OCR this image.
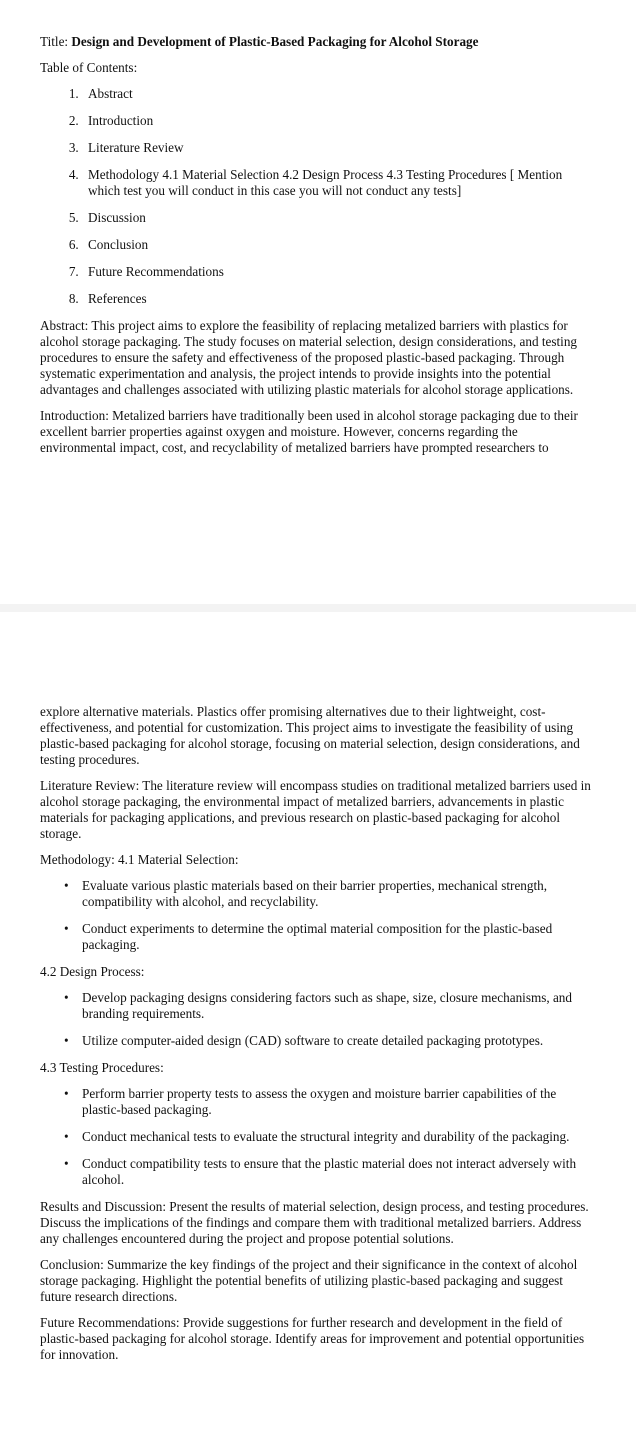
Title: Design and Development of Plastic-Based Packaging for Alcohol Storage

Table of Contents:

1. Abstract
2. Introduction
3. Literature Review
4. Methodology 4.1 Material Selection 4.2 Design Process 4.3 Testing Procedures [ Mention which test you will conduct in this case you will not conduct any tests]
5. Discussion
6. Conclusion
7. Future Recommendations
8. References

Abstract: This project aims to explore the feasibility of replacing metalized barriers with plastics for alcohol storage packaging. The study focuses on material selection, design considerations, and testing procedures to ensure the safety and effectiveness of the proposed plastic-based packaging. Through systematic experimentation and analysis, the project intends to provide insights into the potential advantages and challenges associated with utilizing plastic materials for alcohol storage applications.

Introduction: Metalized barriers have traditionally been used in alcohol storage packaging due to their excellent barrier properties against oxygen and moisture. However, concerns regarding the environmental impact, cost, and recyclability of metalized barriers have prompted researchers to

explore alternative materials. Plastics offer promising alternatives due to their lightweight, cost-effectiveness, and potential for customization. This project aims to investigate the feasibility of using plastic-based packaging for alcohol storage, focusing on material selection, design considerations, and testing procedures.

Literature Review: The literature review will encompass studies on traditional metalized barriers used in alcohol storage packaging, the environmental impact of metalized barriers, advancements in plastic materials for packaging applications, and previous research on plastic-based packaging for alcohol storage.

Methodology: 4.1 Material Selection:

• Evaluate various plastic materials based on their barrier properties, mechanical strength, compatibility with alcohol, and recyclability.
• Conduct experiments to determine the optimal material composition for the plastic-based packaging.

4.2 Design Process:

• Develop packaging designs considering factors such as shape, size, closure mechanisms, and branding requirements.
• Utilize computer-aided design (CAD) software to create detailed packaging prototypes.

4.3 Testing Procedures:

• Perform barrier property tests to assess the oxygen and moisture barrier capabilities of the plastic-based packaging.
• Conduct mechanical tests to evaluate the structural integrity and durability of the packaging.
• Conduct compatibility tests to ensure that the plastic material does not interact adversely with alcohol.

Results and Discussion: Present the results of material selection, design process, and testing procedures. Discuss the implications of the findings and compare them with traditional metalized barriers. Address any challenges encountered during the project and propose potential solutions.

Conclusion: Summarize the key findings of the project and their significance in the context of alcohol storage packaging. Highlight the potential benefits of utilizing plastic-based packaging and suggest future research directions.

Future Recommendations: Provide suggestions for further research and development in the field of plastic-based packaging for alcohol storage. Identify areas for improvement and potential opportunities for innovation.
